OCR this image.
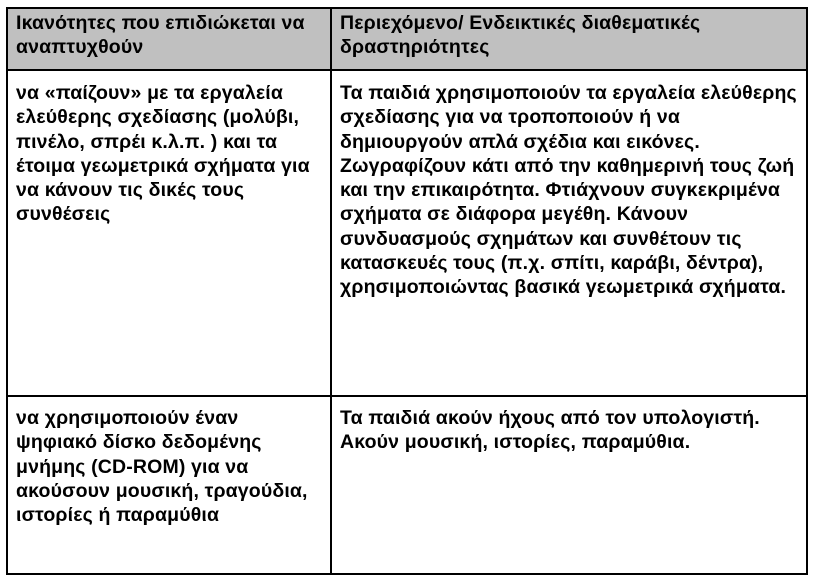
Ικανότητες που επιδιώκεται να αναπτυχθούν	Περιεχόμενο/ Ενδεικτικές διαθεματικές δραστηριότητες
να «παίζουν» με τα εργαλεία ελεύθερης σχεδίασης (μολύβι, πινέλο, σπρέι κ.λ.π. ) και τα έτοιμα γεωμετρικά σχήματα για να κάνουν τις δικές τους συνθέσεις	Τα παιδιά χρησιμοποιούν τα εργαλεία ελεύθερης σχεδίασης για να τροποποιούν ή να δημιουργούν απλά σχέδια και εικόνες. Ζωγραφίζουν κάτι από την καθημερινή τους ζωή και την επικαιρότητα. Φτιάχνουν συγκεκριμένα σχήματα σε διάφορα μεγέθη. Κάνουν συνδυασμούς σχημάτων και συνθέτουν τις κατασκευές τους (π.χ. σπίτι, καράβι, δέντρα), χρησιμοποιώντας βασικά γεωμετρικά σχήματα.
να χρησιμοποιούν έναν ψηφιακό δίσκο δεδομένης μνήμης (CD-ROM) για να ακούσουν μουσική, τραγούδια, ιστορίες ή παραμύθια	Τα παιδιά ακούν ήχους από τον υπολογιστή. Ακούν μουσική, ιστορίες, παραμύθια.
